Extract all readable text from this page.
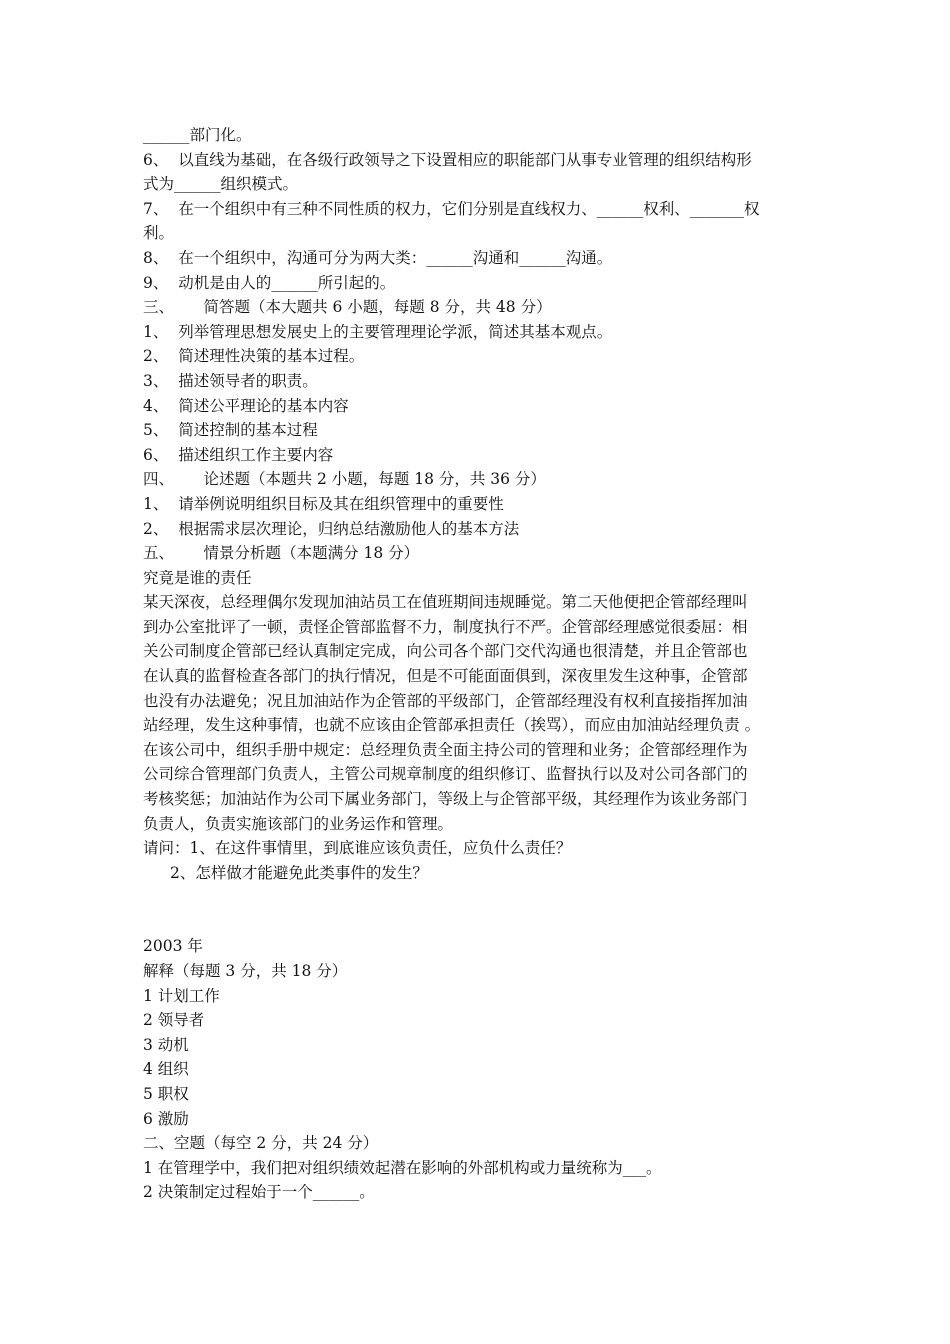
______部门化。

6、  以直线为基础，在各级行政领导之下设置相应的职能部门从事专业管理的组织结构形

式为______组织模式。

7、  在一个组织中有三种不同性质的权力，它们分别是直线权力、______权利、_______权

利。

8、  在一个组织中，沟通可分为两大类：______沟通和______沟通。

9、  动机是由人的______所引起的。

三、      简答题（本大题共 6 小题，每题 8 分，共 48 分）

1、  列举管理思想发展史上的主要管理理论学派，简述其基本观点。

2、  简述理性决策的基本过程。

3、  描述领导者的职责。

4、  简述公平理论的基本内容

5、  简述控制的基本过程

6、  描述组织工作主要内容

四、      论述题（本题共 2 小题，每题 18 分，共 36 分）

1、  请举例说明组织目标及其在组织管理中的重要性

2、  根据需求层次理论，归纳总结激励他人的基本方法

五、      情景分析题（本题满分 18 分）

究竟是谁的责任

某天深夜，总经理偶尔发现加油站员工在值班期间违规睡觉。第二天他便把企管部经理叫

到办公室批评了一顿，责怪企管部监督不力，制度执行不严。企管部经理感觉很委屈：相

关公司制度企管部已经认真制定完成，向公司各个部门交代沟通也很清楚，并且企管部也

在认真的监督检查各部门的执行情况，但是不可能面面俱到，深夜里发生这种事，企管部

也没有办法避免；况且加油站作为企管部的平级部门，企管部经理没有权利直接指挥加油

站经理，发生这种事情，也就不应该由企管部承担责任（挨骂），而应由加油站经理负责 。

在该公司中，组织手册中规定：总经理负责全面主持公司的管理和业务；企管部经理作为

公司综合管理部门负责人，主管公司规章制度的组织修订、监督执行以及对公司各部门的

考核奖惩；加油站作为公司下属业务部门，等级上与企管部平级，其经理作为该业务部门

负责人，负责实施该部门的业务运作和管理。

请问：1、在这件事情里，到底谁应该负责任，应负什么责任？

2、怎样做才能避免此类事件的发生？

2003 年

解释（每题 3 分，共 18 分）

1 计划工作

2 领导者

3 动机

4 组织

5 职权

6 激励

二、空题（每空 2 分，共 24 分）

1 在管理学中，我们把对组织绩效起潜在影响的外部机构或力量统称为___。

2 决策制定过程始于一个______。
